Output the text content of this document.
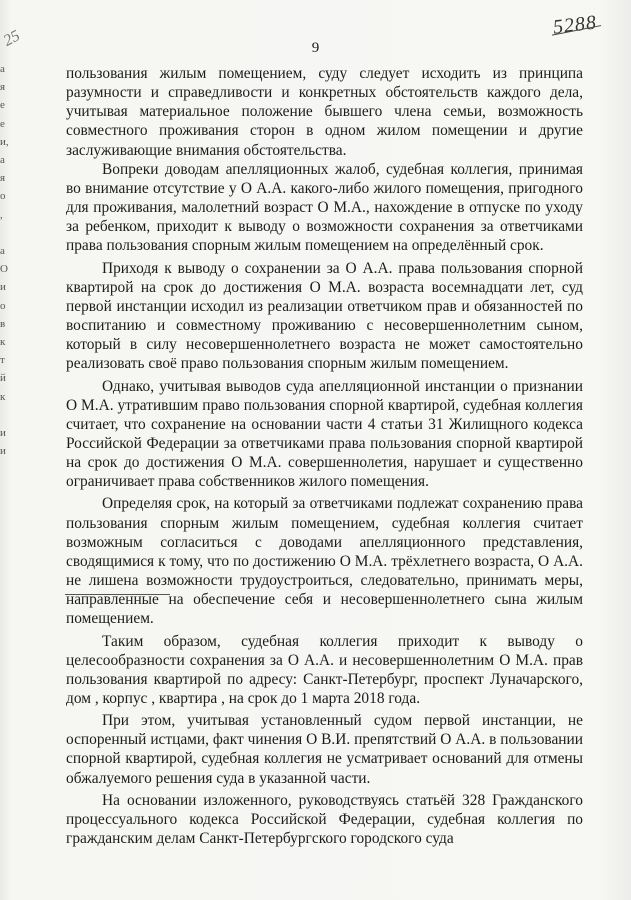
25	9
5288
а
я
е
е
и,
а
я
о
,

а
О
и
о
в
к
т
й
к

и
и

пользования жилым помещением, суду следует исходить из принципа разумности и справедливости и конкретных обстоятельств каждого дела, учитывая материальное положение бывшего члена семьи, возможность совместного проживания сторон в одном жилом помещении и другие заслуживающие внимания обстоятельства.

Вопреки доводам апелляционных жалоб, судебная коллегия, принимая во внимание отсутствие у О А.А. какого-либо жилого помещения, пригодного для проживания, малолетний возраст О М.А., нахождение в отпуске по уходу за ребенком, приходит к выводу о возможности сохранения за ответчиками права пользования спорным жилым помещением на определённый срок.

Приходя к выводу о сохранении за О А.А. права пользования спорной квартирой на срок до достижения О М.А. возраста восемнадцати лет, суд первой инстанции исходил из реализации ответчиком прав и обязанностей по воспитанию и совместному проживанию с несовершеннолетним сыном, который в силу несовершеннолетнего возраста не может самостоятельно реализовать своё право пользования спорным жилым помещением.

Однако, учитывая выводов суда апелляционной инстанции о признании О М.А. утратившим право пользования спорной квартирой, судебная коллегия считает, что сохранение на основании части 4 статьи 31 Жилищного кодекса Российской Федерации за ответчиками права пользования спорной квартирой на срок до достижения О М.А. совершеннолетия, нарушает и существенно ограничивает права собственников жилого помещения.

Определяя срок, на который за ответчиками подлежат сохранению права пользования спорным жилым помещением, судебная коллегия считает возможным согласиться с доводами апелляционного представления, сводящимися к тому, что по достижению О М.А. трёхлетнего возраста, О А.А. не лишена возможности трудоустроиться, следовательно, принимать меры, направленные на обеспечение себя и несовершеннолетнего сына жилым помещением.

Таким образом, судебная коллегия приходит к выводу о целесообразности сохранения за О А.А. и несовершеннолетним О М.А. прав пользования квартирой по адресу: Санкт-Петербург, проспект Луначарского, дом , корпус , квартира , на срок до 1 марта 2018 года.

При этом, учитывая установленный судом первой инстанции, не оспоренный истцами, факт чинения О В.И. препятствий О А.А. в пользовании спорной квартирой, судебная коллегия не усматривает оснований для отмены обжалуемого решения суда в указанной части.

На основании изложенного, руководствуясь статьёй 328 Гражданского процессуального кодекса Российской Федерации, судебная коллегия по гражданским делам Санкт-Петербургского городского суда
